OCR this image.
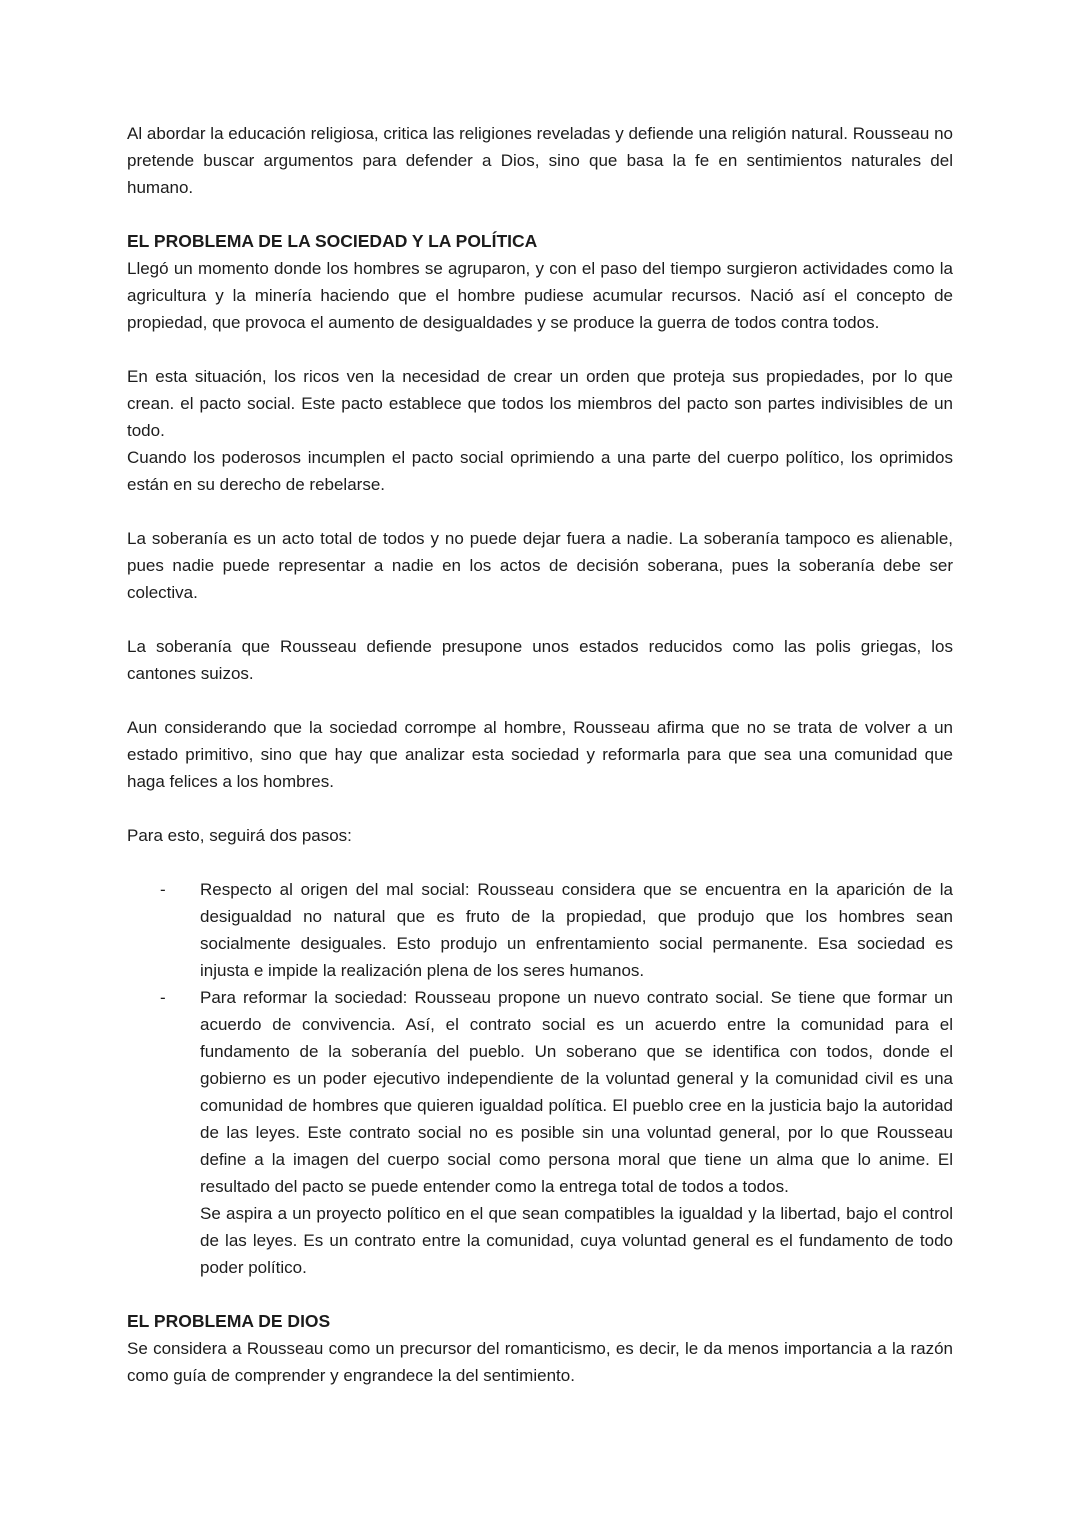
Al abordar la educación religiosa, critica las religiones reveladas y defiende una religión natural. Rousseau no pretende buscar argumentos para defender a Dios, sino que basa la fe en sentimientos naturales del humano.

EL PROBLEMA DE LA SOCIEDAD Y LA POLÍTICA

Llegó un momento donde los hombres se agruparon, y con el paso del tiempo surgieron actividades como la agricultura y la minería haciendo que el hombre pudiese acumular recursos. Nació así el concepto de propiedad, que provoca el aumento de desigualdades y se produce la guerra de todos contra todos.

En esta situación, los ricos ven la necesidad de crear un orden que proteja sus propiedades, por lo que crean. el pacto social. Este pacto establece que todos los miembros del pacto son partes indivisibles de un todo.

Cuando los poderosos incumplen el pacto social oprimiendo a una parte del cuerpo político, los oprimidos están en su derecho de rebelarse.

La soberanía es un acto total de todos y no puede dejar fuera a nadie. La soberanía tampoco es alienable, pues nadie puede representar a nadie en los actos de decisión soberana, pues la soberanía debe ser colectiva.

La soberanía que Rousseau defiende presupone unos estados reducidos como las polis griegas, los cantones suizos.

Aun considerando que la sociedad corrompe al hombre, Rousseau afirma que no se trata de volver a un estado primitivo, sino que hay que analizar esta sociedad y reformarla para que sea una comunidad que haga felices a los hombres.

Para esto, seguirá dos pasos:

-	Respecto al origen del mal social: Rousseau considera que se encuentra en la aparición de la desigualdad no natural que es fruto de la propiedad, que produjo que los hombres sean socialmente desiguales. Esto produjo un enfrentamiento social permanente. Esa sociedad es injusta e impide la realización plena de los seres humanos.
-	Para reformar la sociedad: Rousseau propone un nuevo contrato social. Se tiene que formar un acuerdo de convivencia. Así, el contrato social es un acuerdo entre la comunidad para el fundamento de la soberanía del pueblo. Un soberano que se identifica con todos, donde el gobierno es un poder ejecutivo independiente de la voluntad general y la comunidad civil es una comunidad de hombres que quieren igualdad política. El pueblo cree en la justicia bajo la autoridad de las leyes. Este contrato social no es posible sin una voluntad general, por lo que Rousseau define a la imagen del cuerpo social como persona moral que tiene un alma que lo anime. El resultado del pacto se puede entender como la entrega total de todos a todos.

Se aspira a un proyecto político en el que sean compatibles la igualdad y la libertad, bajo el control de las leyes. Es un contrato entre la comunidad, cuya voluntad general es el fundamento de todo poder político.

EL PROBLEMA DE DIOS

Se considera a Rousseau como un precursor del romanticismo, es decir, le da menos importancia a la razón como guía de comprender y engrandece la del sentimiento.
